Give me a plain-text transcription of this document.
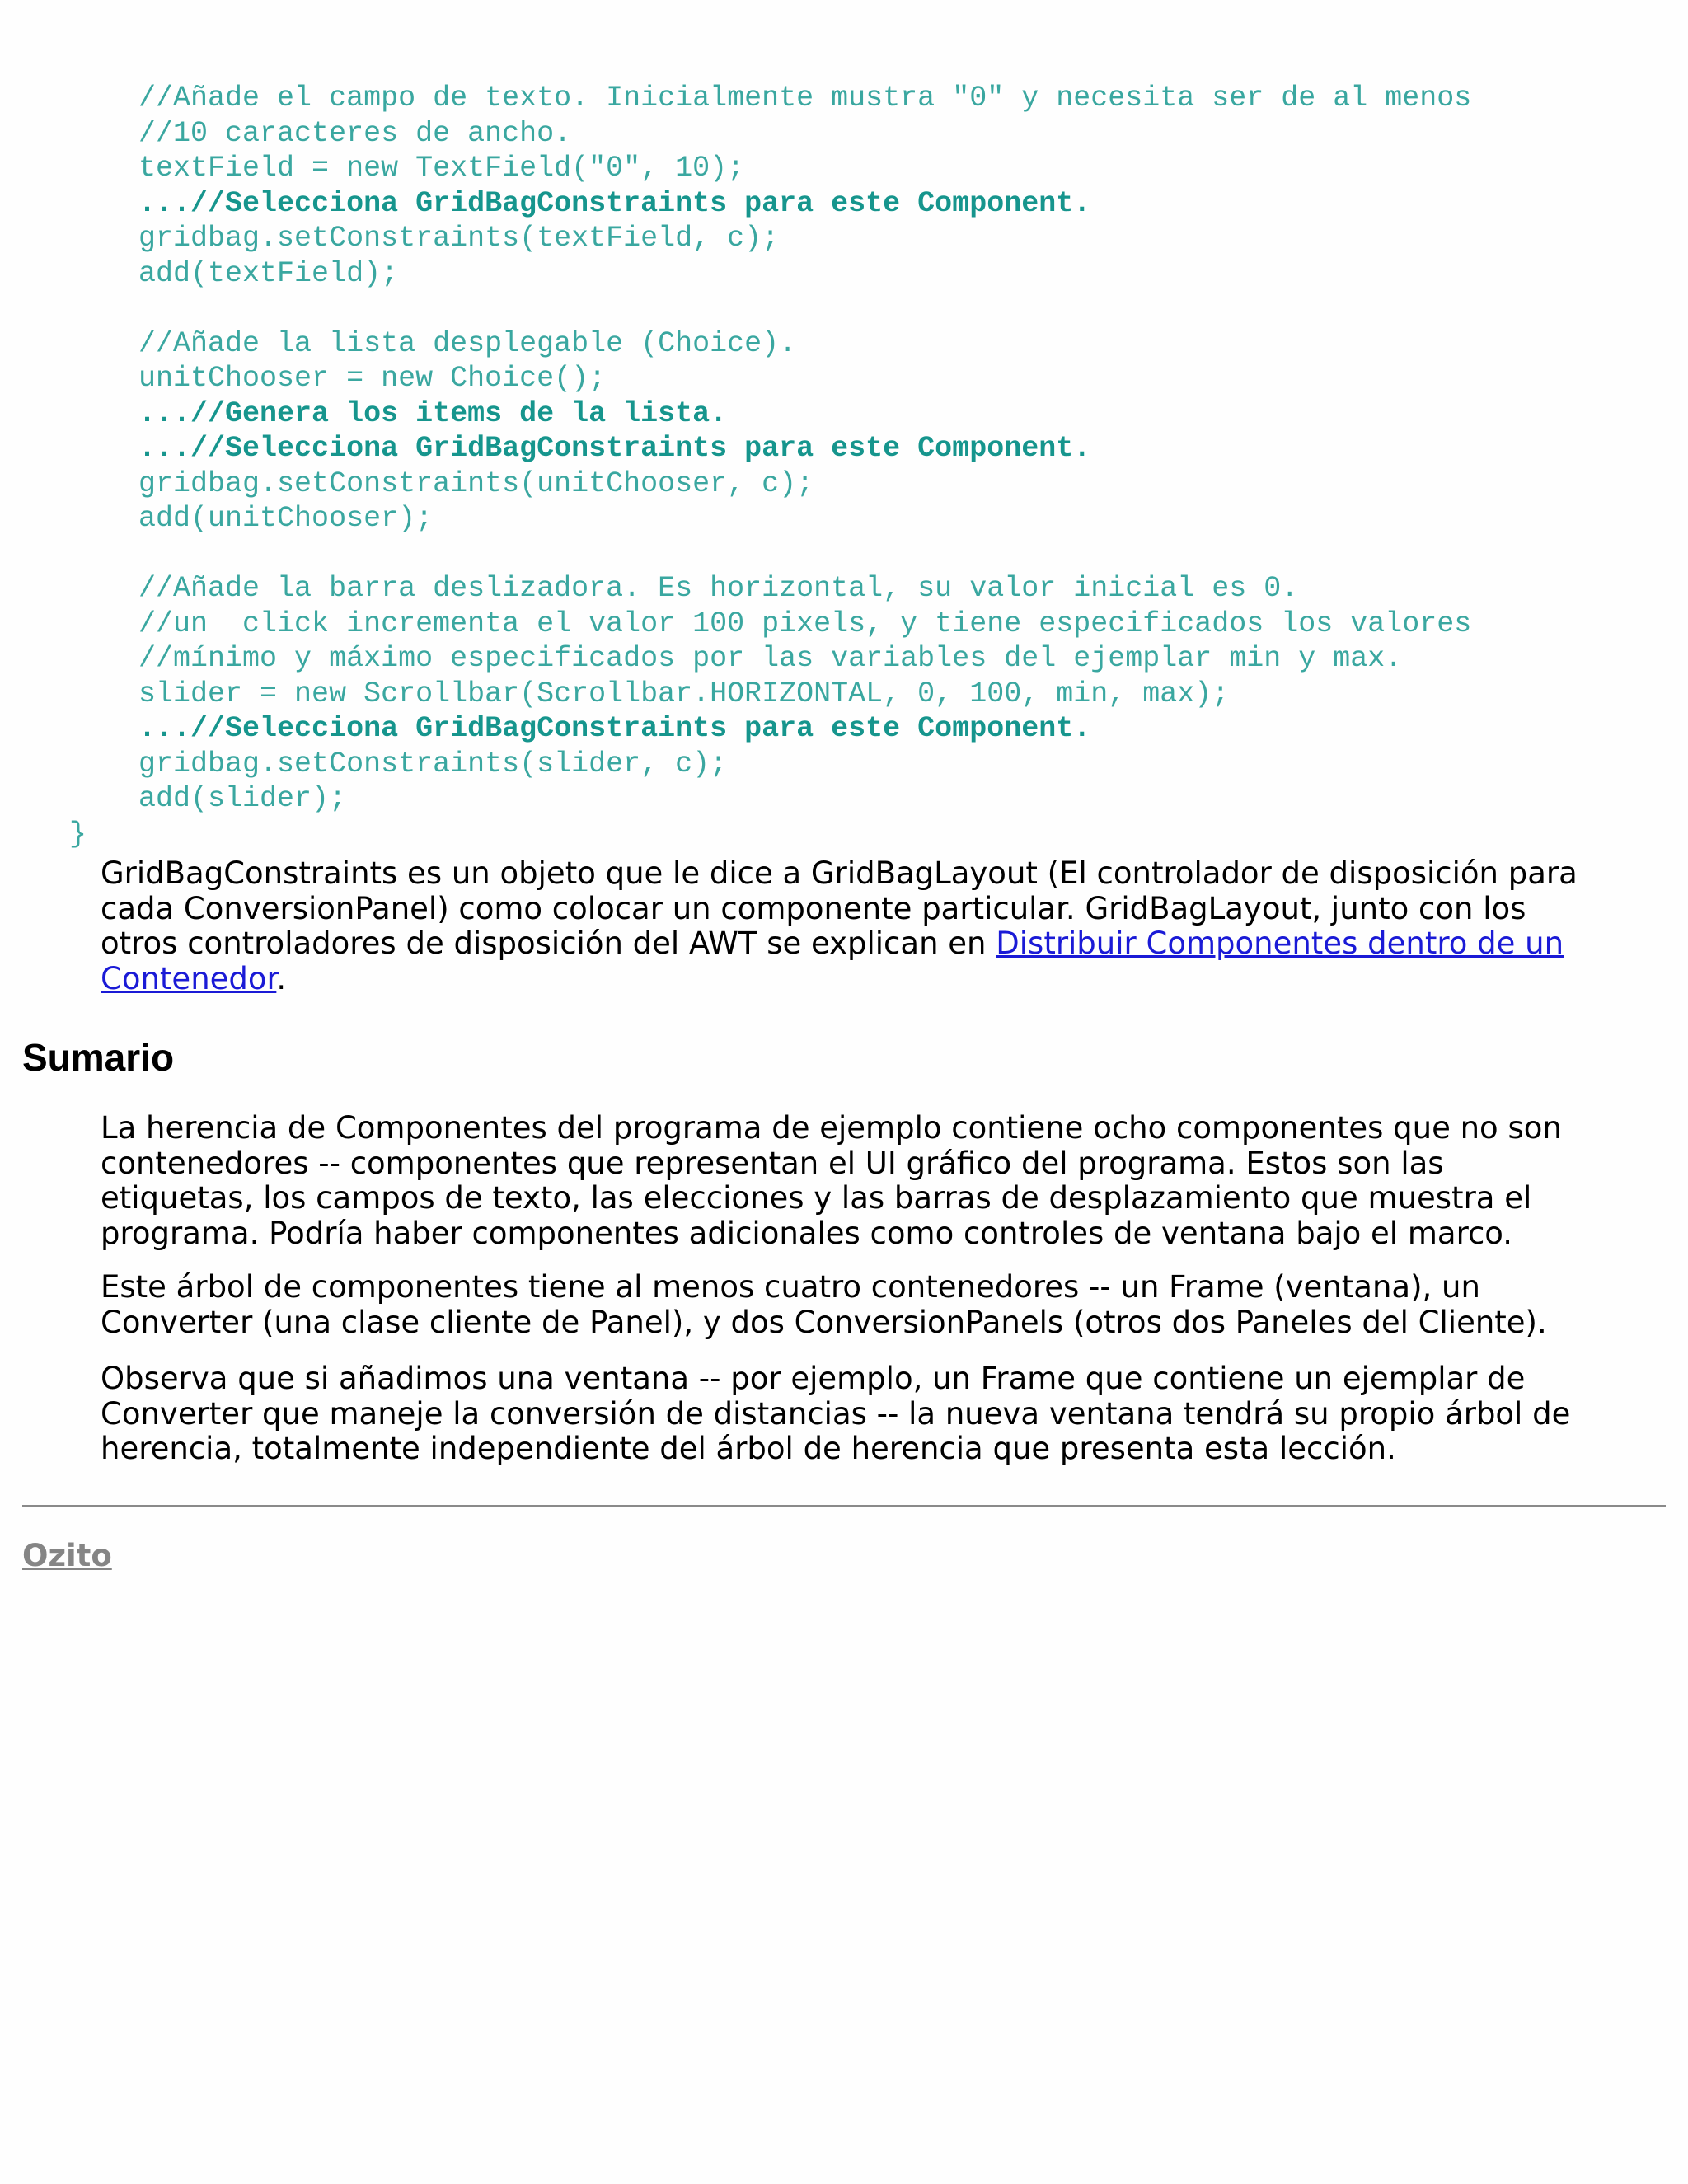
//Añade el campo de texto. Inicialmente mustra "0" y necesita ser de al menos
//10 caracteres de ancho.
textField = new TextField("0", 10);
...//Selecciona GridBagConstraints para este Component.
gridbag.setConstraints(textField, c);
add(textField);
//Añade la lista desplegable (Choice).
unitChooser = new Choice();
...//Genera los items de la lista.
...//Selecciona GridBagConstraints para este Component.
gridbag.setConstraints(unitChooser, c);
add(unitChooser);
//Añade la barra deslizadora. Es horizontal, su valor inicial es 0.
//un  click incrementa el valor 100 pixels, y tiene especificados los valores
//mínimo y máximo especificados por las variables del ejemplar min y max.
slider = new Scrollbar(Scrollbar.HORIZONTAL, 0, 100, min, max);
...//Selecciona GridBagConstraints para este Component.
gridbag.setConstraints(slider, c);
add(slider);
}

GridBagConstraints es un objeto que le dice a GridBagLayout (El controlador de disposición para cada ConversionPanel) como colocar un componente particular. GridBagLayout, junto con los otros controladores de disposición del AWT se explican en Distribuir Componentes dentro de un Contenedor.

Sumario

La herencia de Componentes del programa de ejemplo contiene ocho componentes que no son contenedores -- componentes que representan el UI gráfico del programa. Estos son las etiquetas, los campos de texto, las elecciones y las barras de desplazamiento que muestra el programa. Podría haber componentes adicionales como controles de ventana bajo el marco.

Este árbol de componentes tiene al menos cuatro contenedores -- un Frame (ventana), un Converter (una clase cliente de Panel), y dos ConversionPanels (otros dos Paneles del Cliente).

Observa que si añadimos una ventana -- por ejemplo, un Frame que contiene un ejemplar de Converter que maneje la conversión de distancias -- la nueva ventana tendrá su propio árbol de herencia, totalmente independiente del árbol de herencia que presenta esta lección.

Ozito
